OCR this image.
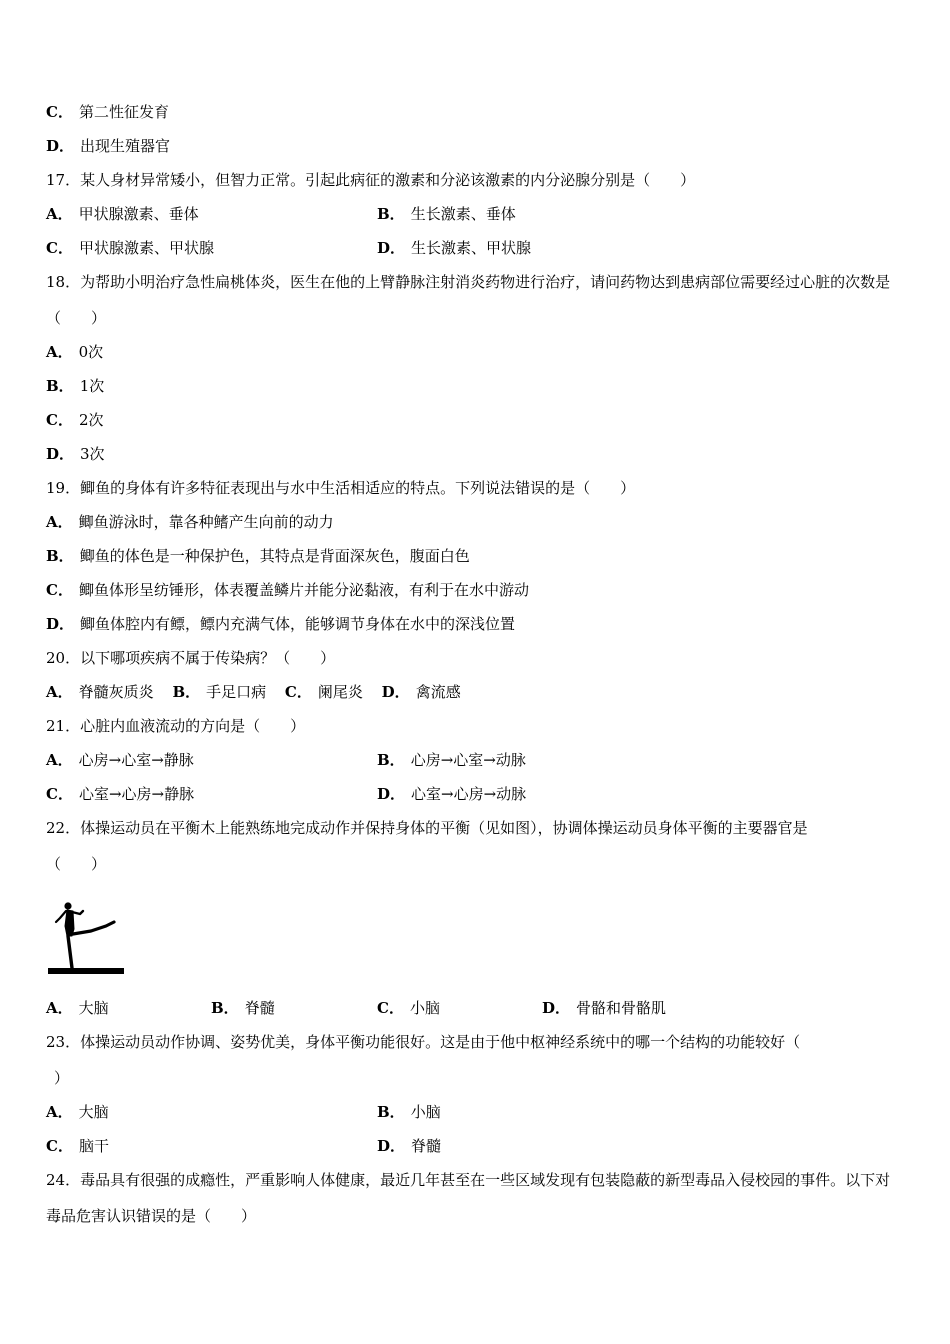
C． 第二性征发育
D． 出现生殖器官
17．某人身材异常矮小，但智力正常。引起此病征的激素和分泌该激素的内分泌腺分别是（　　）
A． 甲状腺激素、垂体	B． 生长激素、垂体
C． 甲状腺激素、甲状腺	D． 生长激素、甲状腺
18．为帮助小明治疗急性扁桃体炎，医生在他的上臂静脉注射消炎药物进行治疗，请问药物达到患病部位需要经过心脏的次数是（　　）
A． 0次
B． 1次
C． 2次
D． 3次
19．鲫鱼的身体有许多特征表现出与水中生活相适应的特点。下列说法错误的是（　　）
A． 鲫鱼游泳时，靠各种鳍产生向前的动力
B． 鲫鱼的体色是一种保护色，其特点是背面深灰色，腹面白色
C． 鲫鱼体形呈纺锤形，体表覆盖鳞片并能分泌黏液，有利于在水中游动
D． 鲫鱼体腔内有鳔，鳔内充满气体，能够调节身体在水中的深浅位置
20．以下哪项疾病不属于传染病？（　　）
A． 脊髓灰质炎 B． 手足口病 C． 阑尾炎 D． 禽流感
21．心脏内血液流动的方向是（　　）
A． 心房→心室→静脉	B． 心房→心室→动脉
C． 心室→心房→静脉	D． 心室→心房→动脉
22．体操运动员在平衡木上能熟练地完成动作并保持身体的平衡（见如图），协调体操运动员身体平衡的主要器官是
（　　）
A． 大脑	B． 脊髓	C． 小脑	D． 骨骼和骨骼肌
23．体操运动员动作协调、姿势优美，身体平衡功能很好。这是由于他中枢神经系统中的哪一个结构的功能较好（
）
A． 大脑	B． 小脑
C． 脑干	D． 脊髓
24．毒品具有很强的成瘾性，严重影响人体健康，最近几年甚至在一些区域发现有包装隐蔽的新型毒品入侵校园的事件。以下对毒品危害认识错误的是（　　）
